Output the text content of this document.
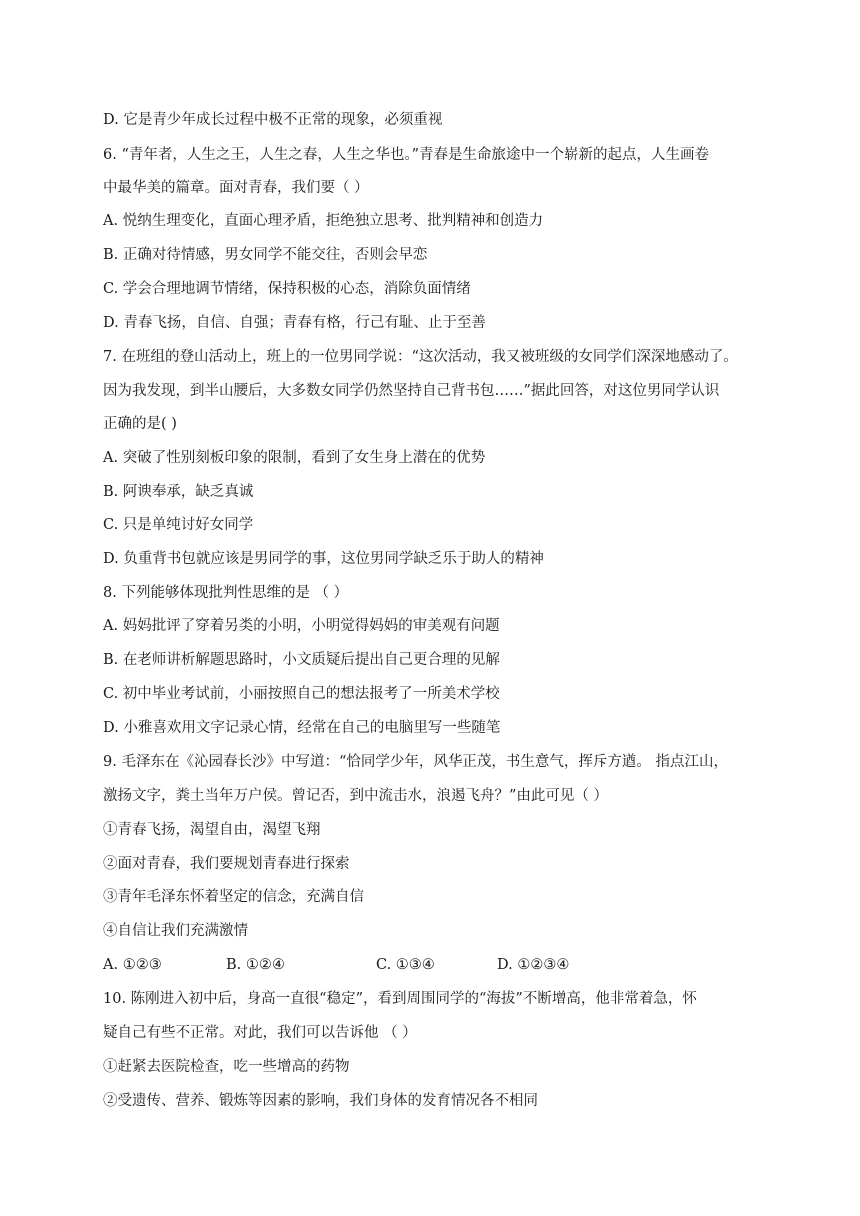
D. 它是青少年成长过程中极不正常的现象，必须重视
6. “青年者，人生之王，人生之春，人生之华也。”青春是生命旅途中一个崭新的起点，人生画卷
中最华美的篇章。面对青春，我们要（ ）
A. 悦纳生理变化，直面心理矛盾，拒绝独立思考、批判精神和创造力
B. 正确对待情感，男女同学不能交往，否则会早恋
C. 学会合理地调节情绪，保持积极的心态，消除负面情绪
D. 青春飞扬，自信、自强；青春有格，行己有耻、止于至善
7. 在班组的登山活动上，班上的一位男同学说：“这次活动，我又被班级的女同学们深深地感动了。
因为我发现，到半山腰后，大多数女同学仍然坚持自己背书包……”据此回答，对这位男同学认识
正确的是( )
A. 突破了性别刻板印象的限制，看到了女生身上潜在的优势
B. 阿谀奉承，缺乏真诚
C. 只是单纯讨好女同学
D. 负重背书包就应该是男同学的事，这位男同学缺乏乐于助人的精神
8. 下列能够体现批判性思维的是 （ ）
A. 妈妈批评了穿着另类的小明，小明觉得妈妈的审美观有问题
B. 在老师讲析解题思路时，小文质疑后提出自己更合理的见解
C. 初中毕业考试前，小丽按照自己的想法报考了一所美术学校
D. 小雅喜欢用文字记录心情，经常在自己的电脑里写一些随笔
9. 毛泽东在《沁园春长沙》中写道：“恰同学少年，风华正茂，书生意气，挥斥方遒。 指点江山，
激扬文字，粪土当年万户侯。曾记否，到中流击水，浪遏飞舟？”由此可见（ ）
①青春飞扬，渴望自由，渴望飞翔
②面对青春，我们要规划青春进行探索
③青年毛泽东怀着坚定的信念，充满自信
④自信让我们充满激情
A. ①②③	B. ①②④	C. ①③④	D. ①②③④
10. 陈刚进入初中后，身高一直很“稳定”，看到周围同学的“海拔”不断增高，他非常着急，怀
疑自己有些不正常。对此，我们可以告诉他 （ ）
①赶紧去医院检查，吃一些增高的药物
②受遗传、营养、锻炼等因素的影响，我们身体的发育情况各不相同
